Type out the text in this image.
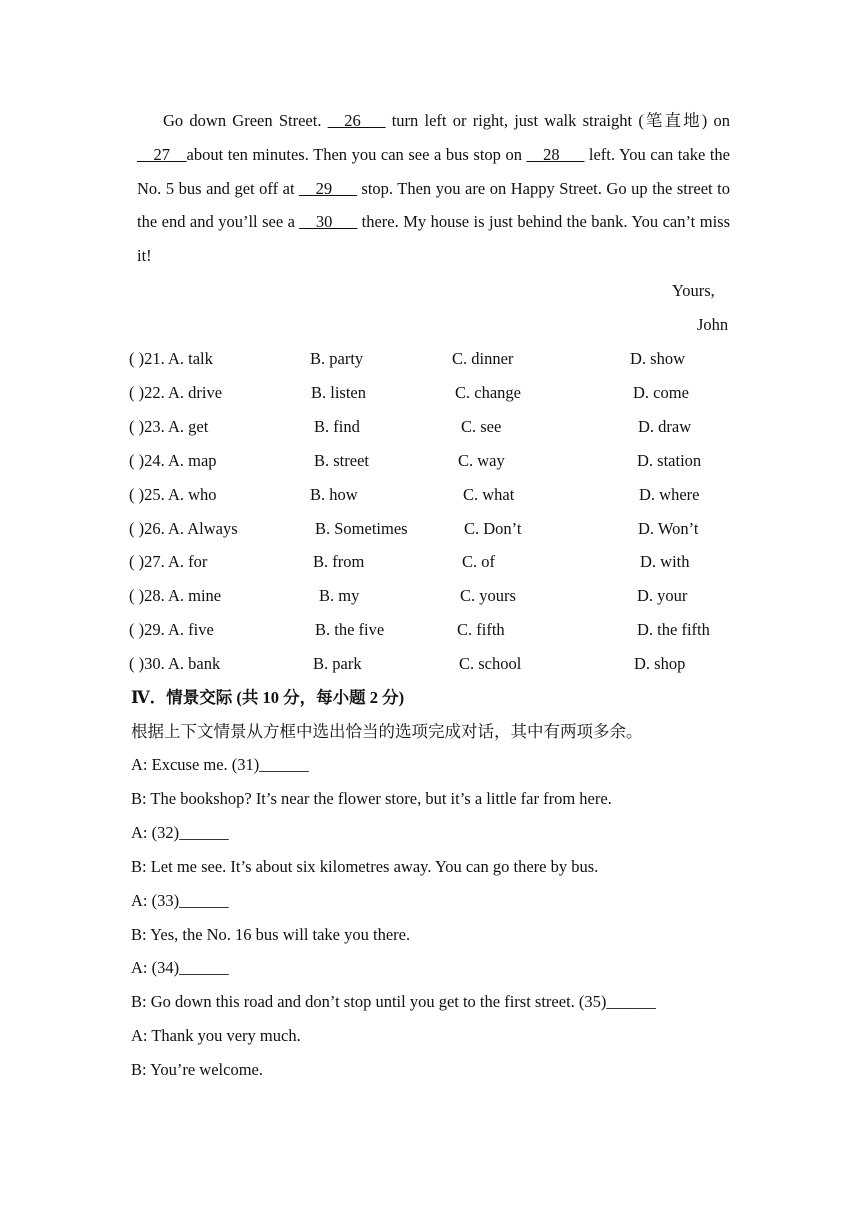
Go down Green Street. __26___ turn left or right, just walk straight (笔直地) on __27__about ten minutes. Then you can see a bus stop on __28___ left. You can take the No. 5 bus and get off at __29___ stop. Then you are on Happy Street. Go up the street to the end and you’ll see a __30___ there. My house is just behind the bank. You can’t miss it!
Yours,
John
( )21. A. talk	B. party	C. dinner	D. show
( )22. A. drive	B. listen	C. change	D. come
( )23. A. get	B. find	C. see	D. draw
( )24. A. map	B. street	C. way	D. station
( )25. A. who	B. how	C. what	D. where
( )26. A. Always	B. Sometimes	C. Don’t	D. Won’t
( )27. A. for	B. from	C. of	D. with
( )28. A. mine	B. my	C. yours	D. your
( )29. A. five	B. the five	C. fifth	D. the fifth
( )30. A. bank	B. park	C. school	D. shop
Ⅳ．情景交际 (共 10 分，每小题 2 分)
根据上下文情景从方框中选出恰当的选项完成对话，其中有两项多余。
A: Excuse me. (31)______
B: The bookshop? It’s near the flower store, but it’s a little far from here.
A: (32)______
B: Let me see. It’s about six kilometres away. You can go there by bus.
A: (33)______
B: Yes, the No. 16 bus will take you there.
A: (34)______
B: Go down this road and don’t stop until you get to the first street. (35)______
A: Thank you very much.
B: You’re welcome.
